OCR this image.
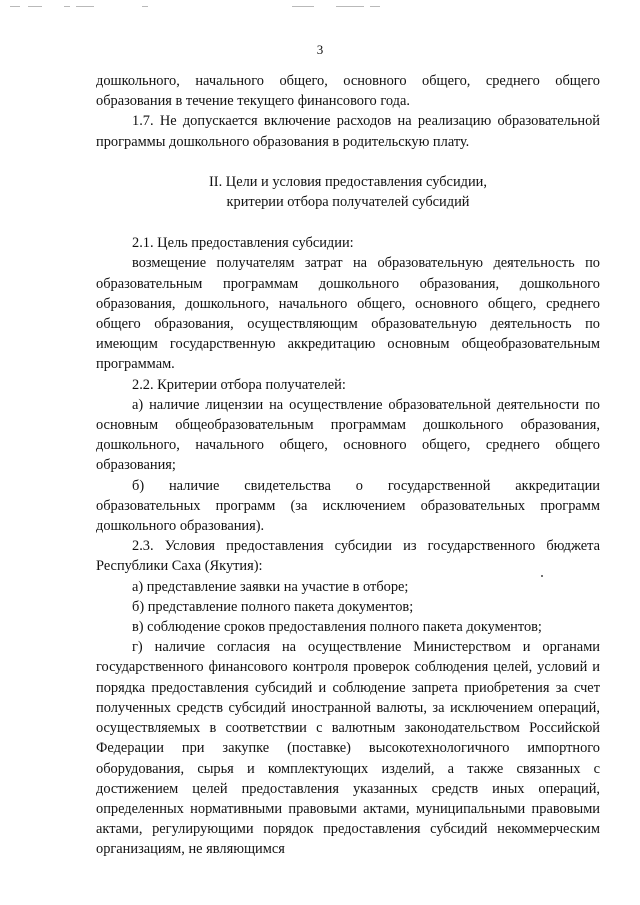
3

дошкольного, начального общего, основного общего, среднего общего образования в течение текущего финансового года.

1.7. Не допускается включение расходов на реализацию образовательной программы дошкольного образования в родительскую плату.

II. Цели и условия предоставления субсидии,
критерии отбора получателей субсидий

2.1. Цель предоставления субсидии:

возмещение получателям затрат на образовательную деятельность по образовательным программам дошкольного образования, дошкольного образования, дошкольного, начального общего, основного общего, среднего общего образования, осуществляющим образовательную деятельность по имеющим государственную аккредитацию основным общеобразовательным программам.

2.2. Критерии отбора получателей:

а) наличие лицензии на осуществление образовательной деятельности по основным общеобразовательным программам дошкольного образования, дошкольного, начального общего, основного общего, среднего общего образования;

б) наличие свидетельства о государственной аккредитации образовательных программ (за исключением образовательных программ дошкольного образования).

2.3. Условия предоставления субсидии из государственного бюджета Республики Саха (Якутия):

а) представление заявки на участие в отборе;

б) представление полного пакета документов;

в) соблюдение сроков предоставления полного пакета документов;

г) наличие согласия на осуществление Министерством и органами государственного финансового контроля проверок соблюдения целей, условий и порядка предоставления субсидий и соблюдение запрета приобретения за счет полученных средств субсидий иностранной валюты, за исключением операций, осуществляемых в соответствии с валютным законодательством Российской Федерации при закупке (поставке) высокотехнологичного импортного оборудования, сырья и комплектующих изделий, а также связанных с достижением целей предоставления указанных средств иных операций, определенных нормативными правовыми актами, муниципальными правовыми актами, регулирующими порядок предоставления субсидий некоммерческим организациям, не являющимся
